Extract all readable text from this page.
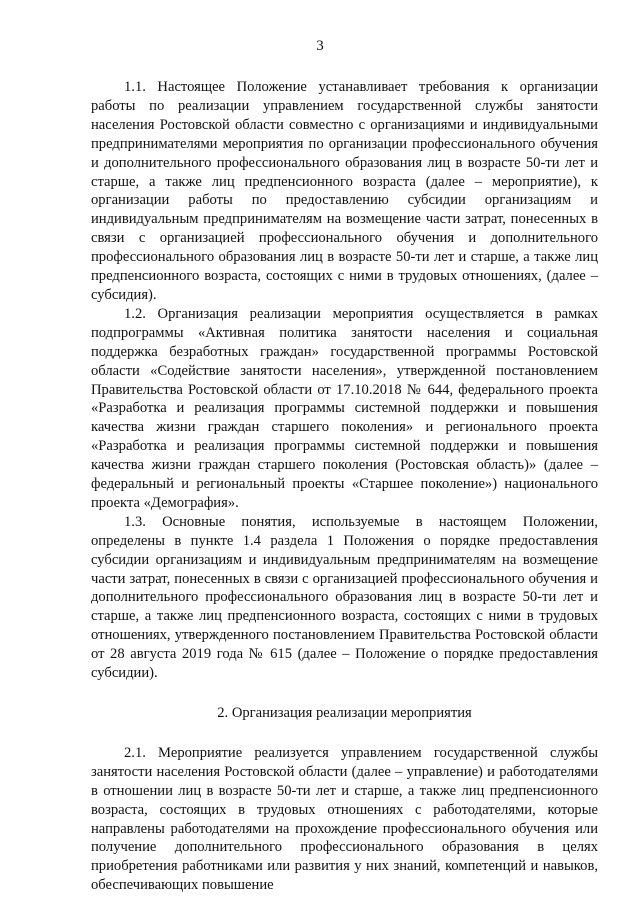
3

1.1. Настоящее Положение устанавливает требования к организации работы по реализации управлением государственной службы занятости населения Ростовской области совместно с организациями и индивидуальными предпринимателями мероприятия по организации профессионального обучения и дополнительного профессионального образования лиц в возрасте 50-ти лет и старше, а также лиц предпенсионного возраста (далее – мероприятие), к организации работы по предоставлению субсидии организациям и индивидуальным предпринимателям на возмещение части затрат, понесенных в связи с организацией профессионального обучения и дополнительного профессионального образования лиц в возрасте 50-ти лет и старше, а также лиц предпенсионного возраста, состоящих с ними в трудовых отношениях, (далее – субсидия).

1.2. Организация реализации мероприятия осуществляется в рамках подпрограммы «Активная политика занятости населения и социальная поддержка безработных граждан» государственной программы Ростовской области «Содействие занятости населения», утвержденной постановлением Правительства Ростовской области от 17.10.2018 № 644, федерального проекта «Разработка и реализация программы системной поддержки и повышения качества жизни граждан старшего поколения» и регионального проекта «Разработка и реализация программы системной поддержки и повышения качества жизни граждан старшего поколения (Ростовская область)» (далее –федеральный и региональный проекты «Старшее поколение») национального проекта «Демография».

1.3. Основные понятия, используемые в настоящем Положении, определены в пункте 1.4 раздела 1 Положения о порядке предоставления субсидии организациям и индивидуальным предпринимателям на возмещение части затрат, понесенных в связи с организацией профессионального обучения и дополнительного профессионального образования лиц в возрасте 50-ти лет и старше, а также лиц предпенсионного возраста, состоящих с ними в трудовых отношениях, утвержденного постановлением Правительства Ростовской области от 28 августа 2019 года № 615 (далее – Положение о порядке предоставления субсидии).

2. Организация реализации мероприятия

2.1. Мероприятие реализуется управлением государственной службы занятости населения Ростовской области (далее – управление) и работодателями в отношении лиц в возрасте 50-ти лет и старше, а также лиц предпенсионного возраста, состоящих в трудовых отношениях с работодателями, которые направлены работодателями на прохождение профессионального обучения или получение дополнительного профессионального образования в целях приобретения работниками или развития у них знаний, компетенций и навыков, обеспечивающих повышение
